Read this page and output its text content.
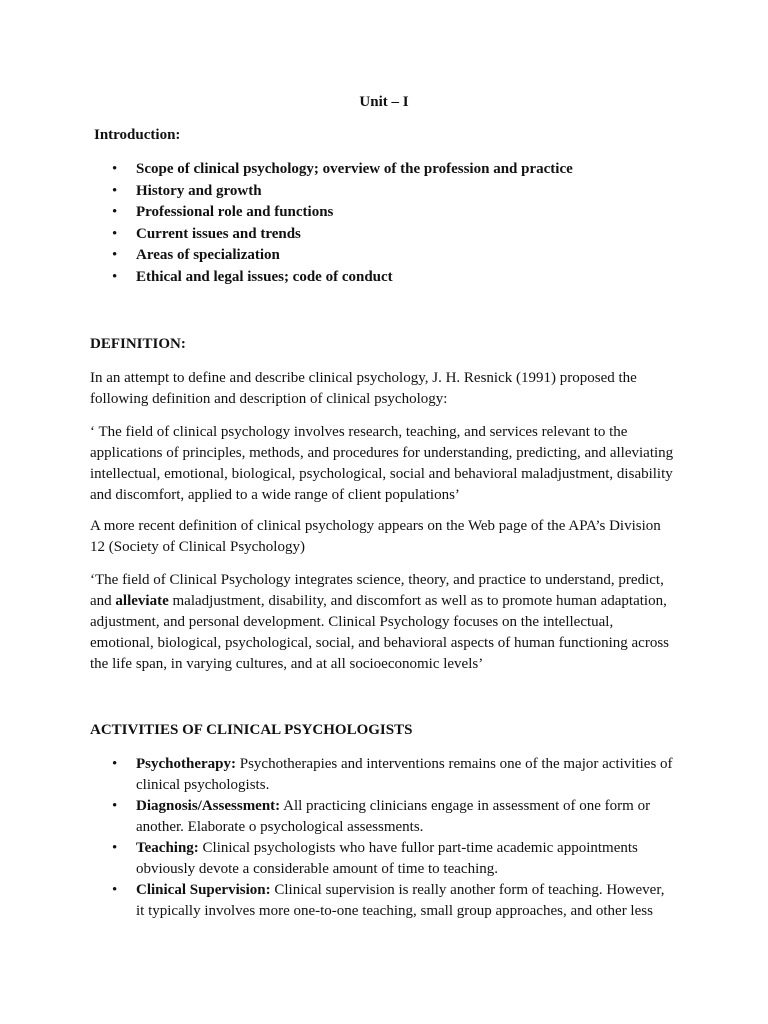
Unit – I
Introduction:
• Scope of clinical psychology; overview of the profession and practice
• History and growth
• Professional role and functions
• Current issues and trends
• Areas of specialization
• Ethical and legal issues; code of conduct
DEFINITION:

In an attempt to define and describe clinical psychology, J. H. Resnick (1991) proposed the
following definition and description of clinical psychology:

‘ The field of clinical psychology involves research, teaching, and services relevant to the
applications of principles, methods, and procedures for understanding, predicting, and alleviating
intellectual, emotional, biological, psychological, social and behavioral maladjustment, disability
and discomfort, applied to a wide range of client populations’

A more recent definition of clinical psychology appears on the Web page of the APA’s Division
12 (Society of Clinical Psychology)

‘The field of Clinical Psychology integrates science, theory, and practice to understand, predict,
and alleviate maladjustment, disability, and discomfort as well as to promote human adaptation,
adjustment, and personal development. Clinical Psychology focuses on the intellectual,
emotional, biological, psychological, social, and behavioral aspects of human functioning across
the life span, in varying cultures, and at all socioeconomic levels’

ACTIVITIES OF CLINICAL PSYCHOLOGISTS
• Psychotherapy: Psychotherapies and interventions remains one of the major activities of
clinical psychologists.
• Diagnosis/Assessment: All practicing clinicians engage in assessment of one form or
another. Elaborate o psychological assessments.
• Teaching: Clinical psychologists who have fullor part-time academic appointments
obviously devote a considerable amount of time to teaching.
• Clinical Supervision: Clinical supervision is really another form of teaching. However,
it typically involves more one-to-one teaching, small group approaches, and other less
